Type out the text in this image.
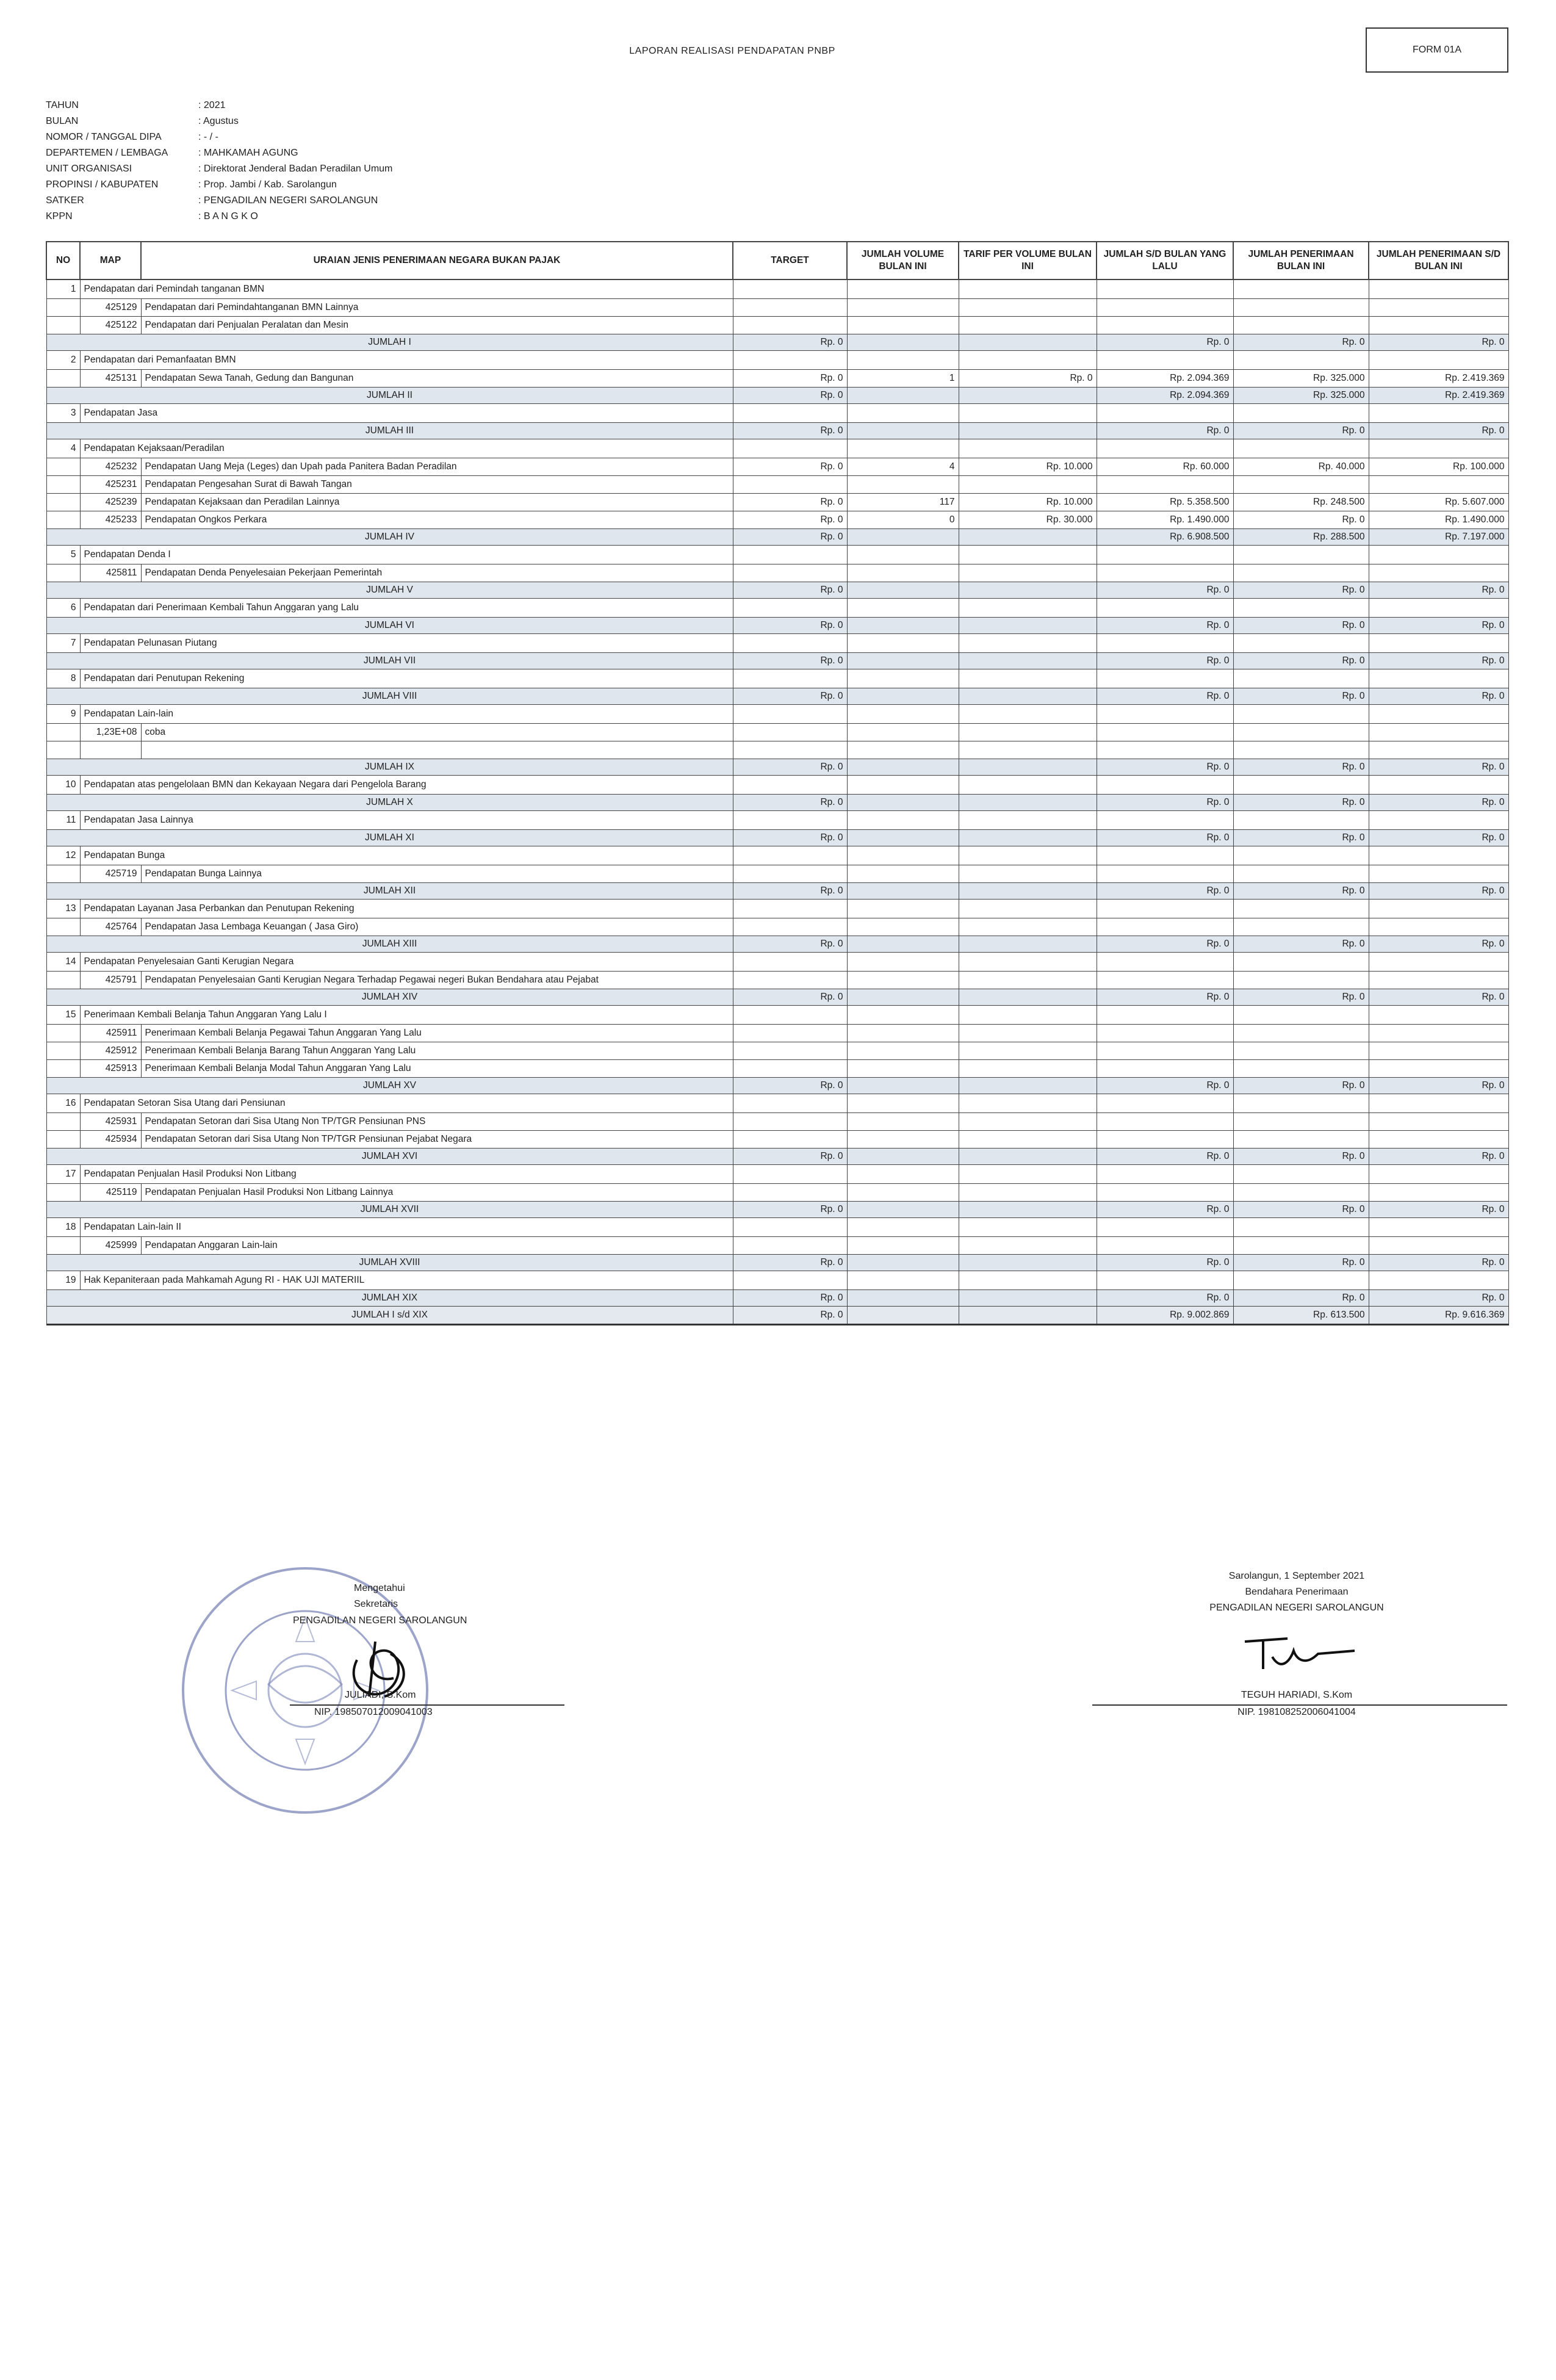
LAPORAN REALISASI PENDAPATAN PNBP	FORM 01A
TAHUN	: 2021
BULAN	: Agustus
NOMOR / TANGGAL DIPA	: - / -
DEPARTEMEN / LEMBAGA	: MAHKAMAH AGUNG
UNIT ORGANISASI	: Direktorat Jenderal Badan Peradilan Umum
PROPINSI / KABUPATEN	: Prop. Jambi / Kab. Sarolangun
SATKER	: PENGADILAN NEGERI SAROLANGUN
KPPN	: B A N G K O
NO	MAP	URAIAN JENIS PENERIMAAN NEGARA BUKAN PAJAK	TARGET	JUMLAH VOLUME BULAN INI	TARIF PER VOLUME BULAN INI	JUMLAH S/D BULAN YANG LALU	JUMLAH PENERIMAAN BULAN INI	JUMLAH PENERIMAAN S/D BULAN INI
1	Pendapatan dari Pemindah tanganan BMN							
	425129	Pendapatan dari Pemindahtanganan BMN Lainnya						
	425122	Pendapatan dari Penjualan Peralatan dan Mesin						
JUMLAH I			Rp. 0			Rp. 0	Rp. 0	Rp. 0
2	Pendapatan dari Pemanfaatan BMN							
	425131	Pendapatan Sewa Tanah, Gedung dan Bangunan	Rp. 0	1	Rp. 0	Rp. 2.094.369	Rp. 325.000	Rp. 2.419.369
JUMLAH II			Rp. 0			Rp. 2.094.369	Rp. 325.000	Rp. 2.419.369
3	Pendapatan Jasa							
JUMLAH III			Rp. 0			Rp. 0	Rp. 0	Rp. 0
4	Pendapatan Kejaksaan/Peradilan							
	425232	Pendapatan Uang Meja (Leges) dan Upah pada Panitera Badan Peradilan	Rp. 0	4	Rp. 10.000	Rp. 60.000	Rp. 40.000	Rp. 100.000
	425231	Pendapatan Pengesahan Surat di Bawah Tangan						
	425239	Pendapatan Kejaksaan dan Peradilan Lainnya	Rp. 0	117	Rp. 10.000	Rp. 5.358.500	Rp. 248.500	Rp. 5.607.000
	425233	Pendapatan Ongkos Perkara	Rp. 0	0	Rp. 30.000	Rp. 1.490.000	Rp. 0	Rp. 1.490.000
JUMLAH IV			Rp. 0			Rp. 6.908.500	Rp. 288.500	Rp. 7.197.000
5	Pendapatan Denda I							
	425811	Pendapatan Denda Penyelesaian Pekerjaan Pemerintah						
JUMLAH V			Rp. 0			Rp. 0	Rp. 0	Rp. 0
6	Pendapatan dari Penerimaan Kembali Tahun Anggaran yang Lalu							
JUMLAH VI			Rp. 0			Rp. 0	Rp. 0	Rp. 0
7	Pendapatan Pelunasan Piutang							
JUMLAH VII			Rp. 0			Rp. 0	Rp. 0	Rp. 0
8	Pendapatan dari Penutupan Rekening							
JUMLAH VIII			Rp. 0			Rp. 0	Rp. 0	Rp. 0
9	Pendapatan Lain-lain							
	1,23E+08	coba						

JUMLAH IX			Rp. 0			Rp. 0	Rp. 0	Rp. 0
10	Pendapatan atas pengelolaan BMN dan Kekayaan Negara dari Pengelola Barang							
JUMLAH X			Rp. 0			Rp. 0	Rp. 0	Rp. 0
11	Pendapatan Jasa Lainnya							
JUMLAH XI			Rp. 0			Rp. 0	Rp. 0	Rp. 0
12	Pendapatan Bunga							
	425719	Pendapatan Bunga Lainnya						
JUMLAH XII			Rp. 0			Rp. 0	Rp. 0	Rp. 0
13	Pendapatan Layanan Jasa Perbankan dan Penutupan Rekening							
	425764	Pendapatan Jasa Lembaga Keuangan ( Jasa Giro)						
JUMLAH XIII			Rp. 0			Rp. 0	Rp. 0	Rp. 0
14	Pendapatan Penyelesaian Ganti Kerugian Negara							
	425791	Pendapatan Penyelesaian Ganti Kerugian Negara Terhadap Pegawai negeri Bukan Bendahara atau Pejabat						
JUMLAH XIV			Rp. 0			Rp. 0	Rp. 0	Rp. 0
15	Penerimaan Kembali Belanja Tahun Anggaran Yang Lalu I							
	425911	Penerimaan Kembali Belanja Pegawai Tahun Anggaran Yang Lalu						
	425912	Penerimaan Kembali Belanja Barang Tahun Anggaran Yang Lalu						
	425913	Penerimaan Kembali Belanja Modal Tahun Anggaran Yang Lalu						
JUMLAH XV			Rp. 0			Rp. 0	Rp. 0	Rp. 0
16	Pendapatan Setoran Sisa Utang dari Pensiunan							
	425931	Pendapatan Setoran dari Sisa Utang Non TP/TGR Pensiunan PNS						
	425934	Pendapatan Setoran dari Sisa Utang Non TP/TGR Pensiunan Pejabat Negara						
JUMLAH XVI			Rp. 0			Rp. 0	Rp. 0	Rp. 0
17	Pendapatan Penjualan Hasil Produksi Non Litbang							
	425119	Pendapatan Penjualan Hasil Produksi Non Litbang Lainnya						
JUMLAH XVII			Rp. 0			Rp. 0	Rp. 0	Rp. 0
18	Pendapatan Lain-lain II							
	425999	Pendapatan Anggaran Lain-lain						
JUMLAH XVIII			Rp. 0			Rp. 0	Rp. 0	Rp. 0
19	Hak Kepaniteraan pada Mahkamah Agung RI - HAK UJI MATERIIL							
JUMLAH XIX			Rp. 0			Rp. 0	Rp. 0	Rp. 0
JUMLAH I s/d XIX			Rp. 0			Rp. 9.002.869	Rp. 613.500	Rp. 9.616.369
Mengetahui
Sekretaris
PENGADILAN NEGERI SAROLANGUN
JULIADI, S.Kom
NIP. 198507012009041003
Sarolangun, 1 September 2021
Bendahara Penerimaan
PENGADILAN NEGERI SAROLANGUN
TEGUH HARIADI, S.Kom
NIP. 198108252006041004
